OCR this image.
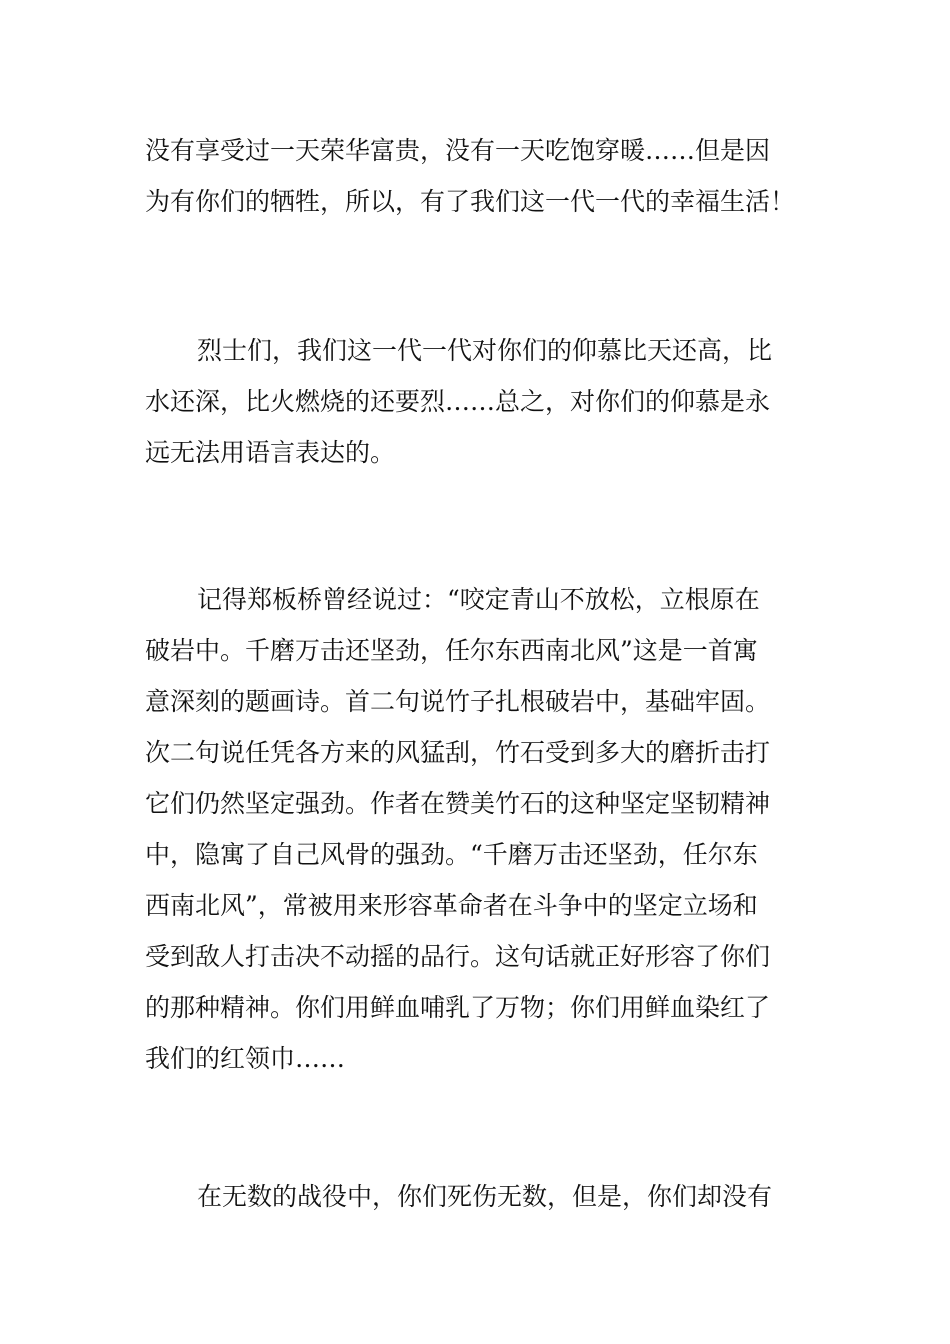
没有享受过一天荣华富贵，没有一天吃饱穿暖……但是因
为有你们的牺牲，所以，有了我们这一代一代的幸福生活！
烈士们，我们这一代一代对你们的仰慕比天还高，比
水还深，比火燃烧的还要烈……总之，对你们的仰慕是永
远无法用语言表达的。
记得郑板桥曾经说过：“咬定青山不放松，立根原在
破岩中。千磨万击还坚劲，任尔东西南北风”这是一首寓
意深刻的题画诗。首二句说竹子扎根破岩中，基础牢固。
次二句说任凭各方来的风猛刮，竹石受到多大的磨折击打
它们仍然坚定强劲。作者在赞美竹石的这种坚定坚韧精神
中，隐寓了自己风骨的强劲。“千磨万击还坚劲，任尔东
西南北风”，常被用来形容革命者在斗争中的坚定立场和
受到敌人打击决不动摇的品行。这句话就正好形容了你们
的那种精神。你们用鲜血哺乳了万物；你们用鲜血染红了
我们的红领巾……
在无数的战役中，你们死伤无数，但是，你们却没有
